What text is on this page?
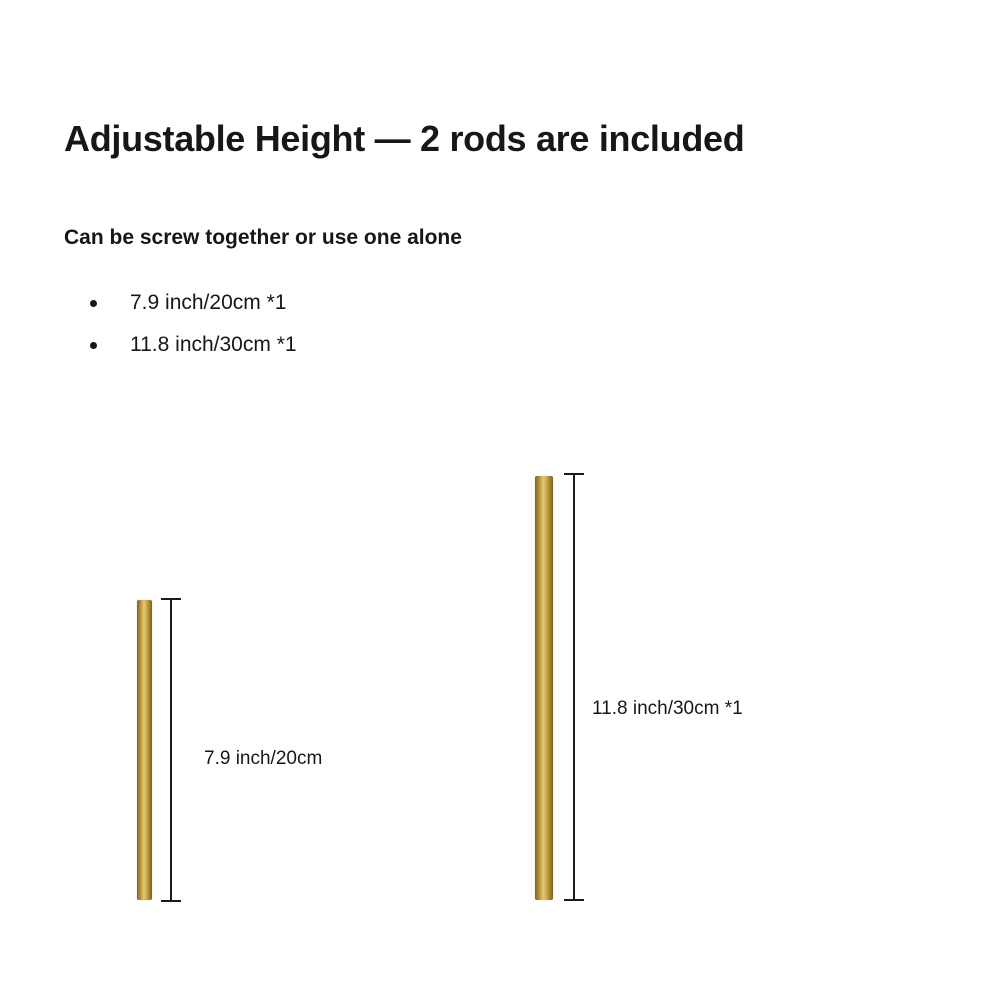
Adjustable Height — 2 rods are included
Can be screw together or use one alone
7.9 inch/20cm *1
11.8 inch/30cm *1
7.9 inch/20cm
11.8 inch/30cm *1
